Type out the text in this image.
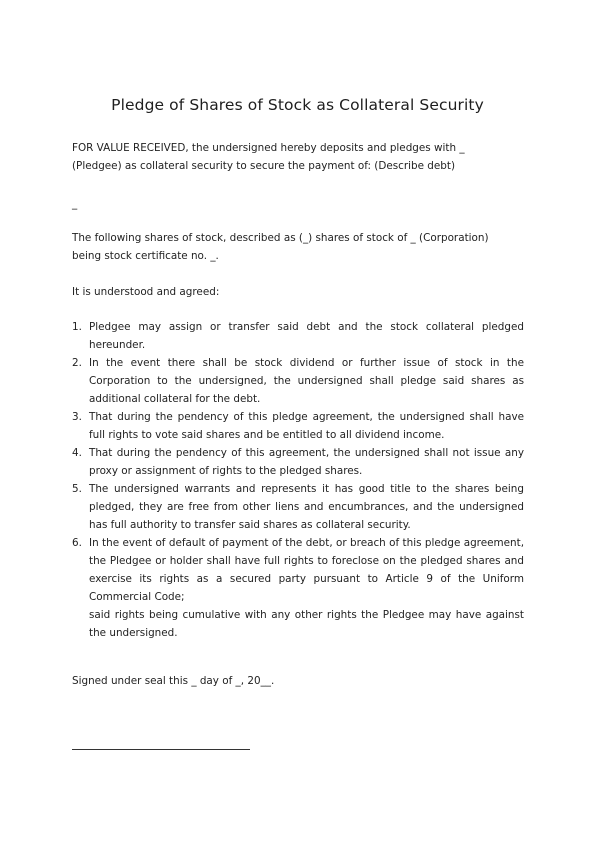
Pledge of Shares of Stock as Collateral Security
FOR VALUE RECEIVED, the undersigned hereby deposits and pledges with _
(Pledgee) as collateral security to secure the payment of: (Describe debt)
_
The following shares of stock, described as (_) shares of stock of _ (Corporation)
being stock certificate no. _.
It is understood and agreed:
1. Pledgee may assign or transfer said debt and the stock collateral pledged hereunder.
2. In the event there shall be stock dividend or further issue of stock in the Corporation to the undersigned, the undersigned shall pledge said shares as additional collateral for the debt.
3. That during the pendency of this pledge agreement, the undersigned shall have full rights to vote said shares and be entitled to all dividend income.
4. That during the pendency of this agreement, the undersigned shall not issue any proxy or assignment of rights to the pledged shares.
5. The undersigned warrants and represents it has good title to the shares being pledged, they are free from other liens and encumbrances, and the undersigned has full authority to transfer said shares as collateral security.
6. In the event of default of payment of the debt, or breach of this pledge agreement, the Pledgee or holder shall have full rights to foreclose on the pledged shares and exercise its rights as a secured party pursuant to Article 9 of the Uniform Commercial Code;
said rights being cumulative with any other rights the Pledgee may have against the undersigned.
Signed under seal this _ day of _, 20__.
